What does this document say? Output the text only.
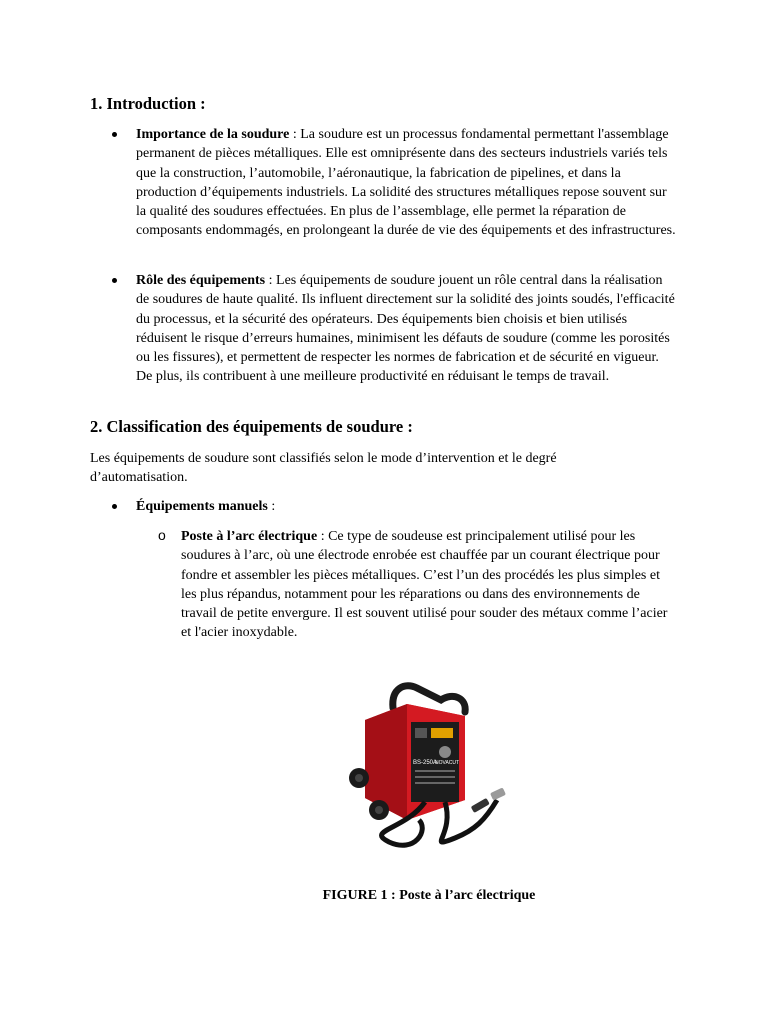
1. Introduction :

Importance de la soudure : La soudure est un processus fondamental permettant l'assemblage permanent de pièces métalliques. Elle est omniprésente dans des secteurs industriels variés tels que la construction, l’automobile, l’aéronautique, la fabrication de pipelines, et dans la production d’équipements industriels. La solidité des structures métalliques repose souvent sur la qualité des soudures effectuées. En plus de l’assemblage, elle permet la réparation de composants endommagés, en prolongeant la durée de vie des équipements et des infrastructures.

Rôle des équipements : Les équipements de soudure jouent un rôle central dans la réalisation de soudures de haute qualité. Ils influent directement sur la solidité des joints soudés, l'efficacité du processus, et la sécurité des opérateurs. Des équipements bien choisis et bien utilisés réduisent le risque d’erreurs humaines, minimisent les défauts de soudure (comme les porosités ou les fissures), et permettent de respecter les normes de fabrication et de sécurité en vigueur. De plus, ils contribuent à une meilleure productivité en réduisant le temps de travail.

2. Classification des équipements de soudure :

Les équipements de soudure sont classifiés selon le mode d’intervention et le degré d’automatisation.

Équipements manuels :

o Poste à l’arc électrique : Ce type de soudeuse est principalement utilisé pour les soudures à l’arc, où une électrode enrobée est chauffée par un courant électrique pour fondre et assembler les pièces métalliques. C’est l’un des procédés les plus simples et les plus répandus, notamment pour les réparations ou dans des environnements de travail de petite envergure. Il est souvent utilisé pour souder des métaux comme l’acier et l'acier inoxydable.

BS-250A
NOVACUT
FIGURE 1 : Poste à l’arc électrique
